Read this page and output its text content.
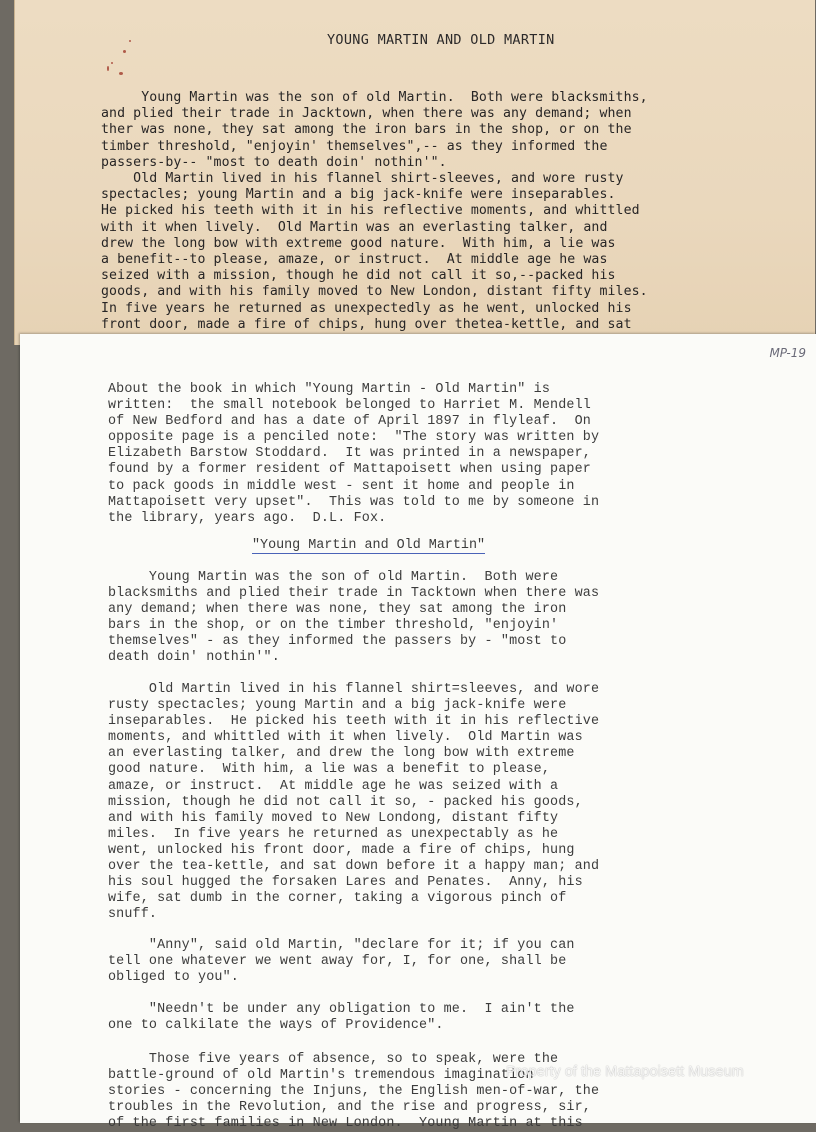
YOUNG MARTIN AND OLD MARTIN
Young Martin was the son of old Martin.  Both were blacksmiths,
and plied their trade in Jacktown, when there was any demand; when
ther was none, they sat among the iron bars in the shop, or on the
timber threshold, "enjoyin' themselves",-- as they informed the
passers-by-- "most to death doin' nothin'".
Old Martin lived in his flannel shirt-sleeves, and wore rusty
spectacles; young Martin and a big jack-knife were inseparables.
He picked his teeth with it in his reflective moments, and whittled
with it when lively.  Old Martin was an everlasting talker, and
drew the long bow with extreme good nature.  With him, a lie was
a benefit--to please, amaze, or instruct.  At middle age he was
seized with a mission, though he did not call it so,--packed his
goods, and with his family moved to New London, distant fifty miles.
In five years he returned as unexpectedly as he went, unlocked his
front door, made a fire of chips, hung over thetea-kettle, and sat
MP-19
About the book in which "Young Martin - Old Martin" is
written:  the small notebook belonged to Harriet M. Mendell
of New Bedford and has a date of April 1897 in flyleaf.  On
opposite page is a penciled note:  "The story was written by
Elizabeth Barstow Stoddard.  It was printed in a newspaper,
found by a former resident of Mattapoisett when using paper
to pack goods in middle west - sent it home and people in
Mattapoisett very upset".  This was told to me by someone in
the library, years ago.  D.L. Fox.
"Young Martin and Old Martin"
Young Martin was the son of old Martin.  Both were
blacksmiths and plied their trade in Tacktown when there was
any demand; when there was none, they sat among the iron
bars in the shop, or on the timber threshold, "enjoyin'
themselves" - as they informed the passers by - "most to
death doin' nothin'".
Old Martin lived in his flannel shirt=sleeves, and wore
rusty spectacles; young Martin and a big jack-knife were
inseparables.  He picked his teeth with it in his reflective
moments, and whittled with it when lively.  Old Martin was
an everlasting talker, and drew the long bow with extreme
good nature.  With him, a lie was a benefit to please,
amaze, or instruct.  At middle age he was seized with a
mission, though he did not call it so, - packed his goods,
and with his family moved to New Londong, distant fifty
miles.  In five years he returned as unexpectably as he
went, unlocked his front door, made a fire of chips, hung
over the tea-kettle, and sat down before it a happy man; and
his soul hugged the forsaken Lares and Penates.  Anny, his
wife, sat dumb in the corner, taking a vigorous pinch of
snuff.
"Anny", said old Martin, "declare for it; if you can
tell one whatever we went away for, I, for one, shall be
obliged to you".
"Needn't be under any obligation to me.  I ain't the
one to calkilate the ways of Providence".
Those five years of absence, so to speak, were the
battle-ground of old Martin's tremendous imagination
stories - concerning the Injuns, the English men-of-war, the
troubles in the Revolution, and the rise and progress, sir,
of the first families in New London.  Young Martin at this
Property of the Mattapoisett Museum
